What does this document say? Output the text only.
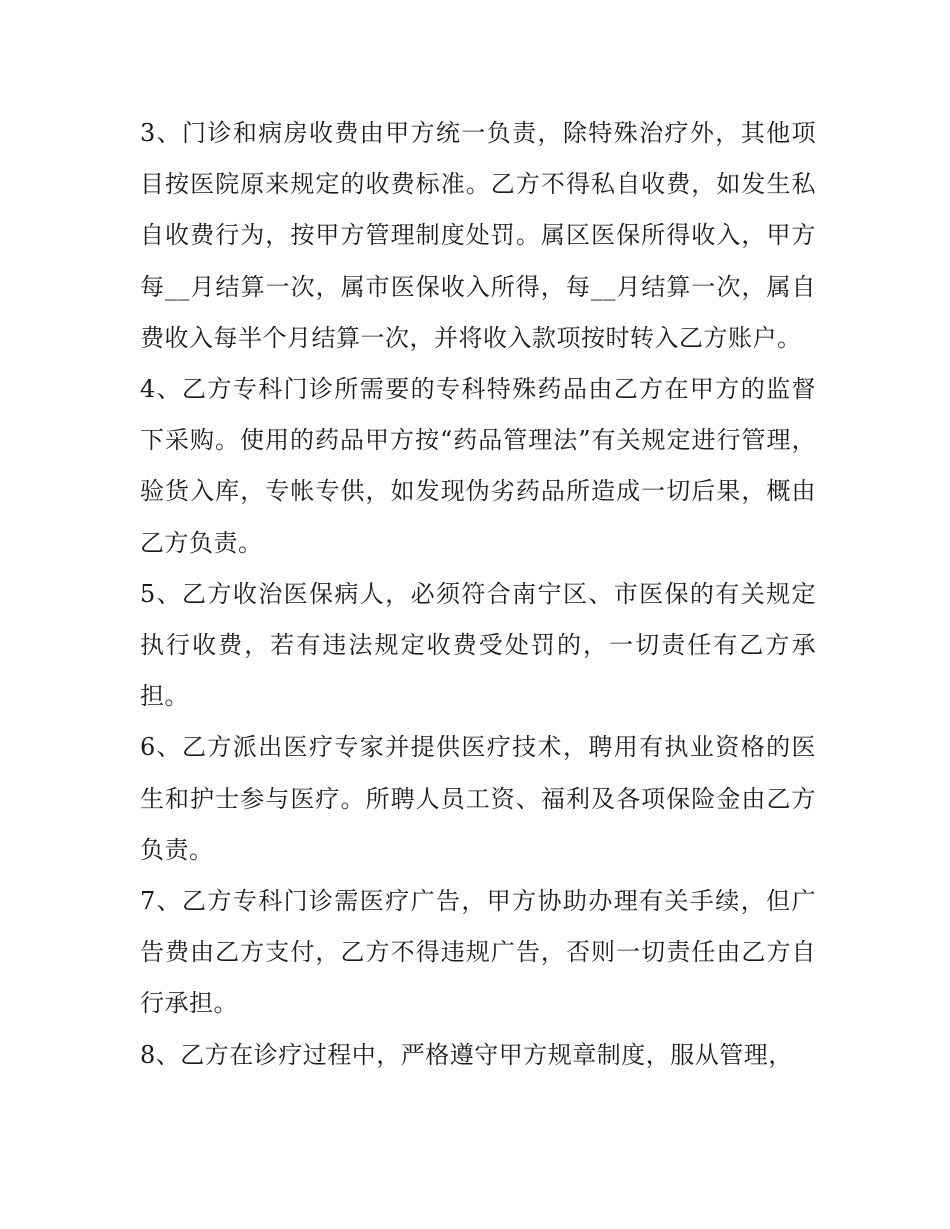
3、门诊和病房收费由甲方统一负责，除特殊治疗外，其他项目按医院原来规定的收费标准。乙方不得私自收费，如发生私自收费行为，按甲方管理制度处罚。属区医保所得收入，甲方每__月结算一次，属市医保收入所得，每__月结算一次，属自费收入每半个月结算一次，并将收入款项按时转入乙方账户。

4、乙方专科门诊所需要的专科特殊药品由乙方在甲方的监督下采购。使用的药品甲方按“药品管理法”有关规定进行管理，验货入库，专帐专供，如发现伪劣药品所造成一切后果，概由乙方负责。

5、乙方收治医保病人，必须符合南宁区、市医保的有关规定执行收费，若有违法规定收费受处罚的，一切责任有乙方承担。

6、乙方派出医疗专家并提供医疗技术，聘用有执业资格的医生和护士参与医疗。所聘人员工资、福利及各项保险金由乙方负责。

7、乙方专科门诊需医疗广告，甲方协助办理有关手续，但广告费由乙方支付，乙方不得违规广告，否则一切责任由乙方自行承担。

8、乙方在诊疗过程中，严格遵守甲方规章制度，服从管理，
